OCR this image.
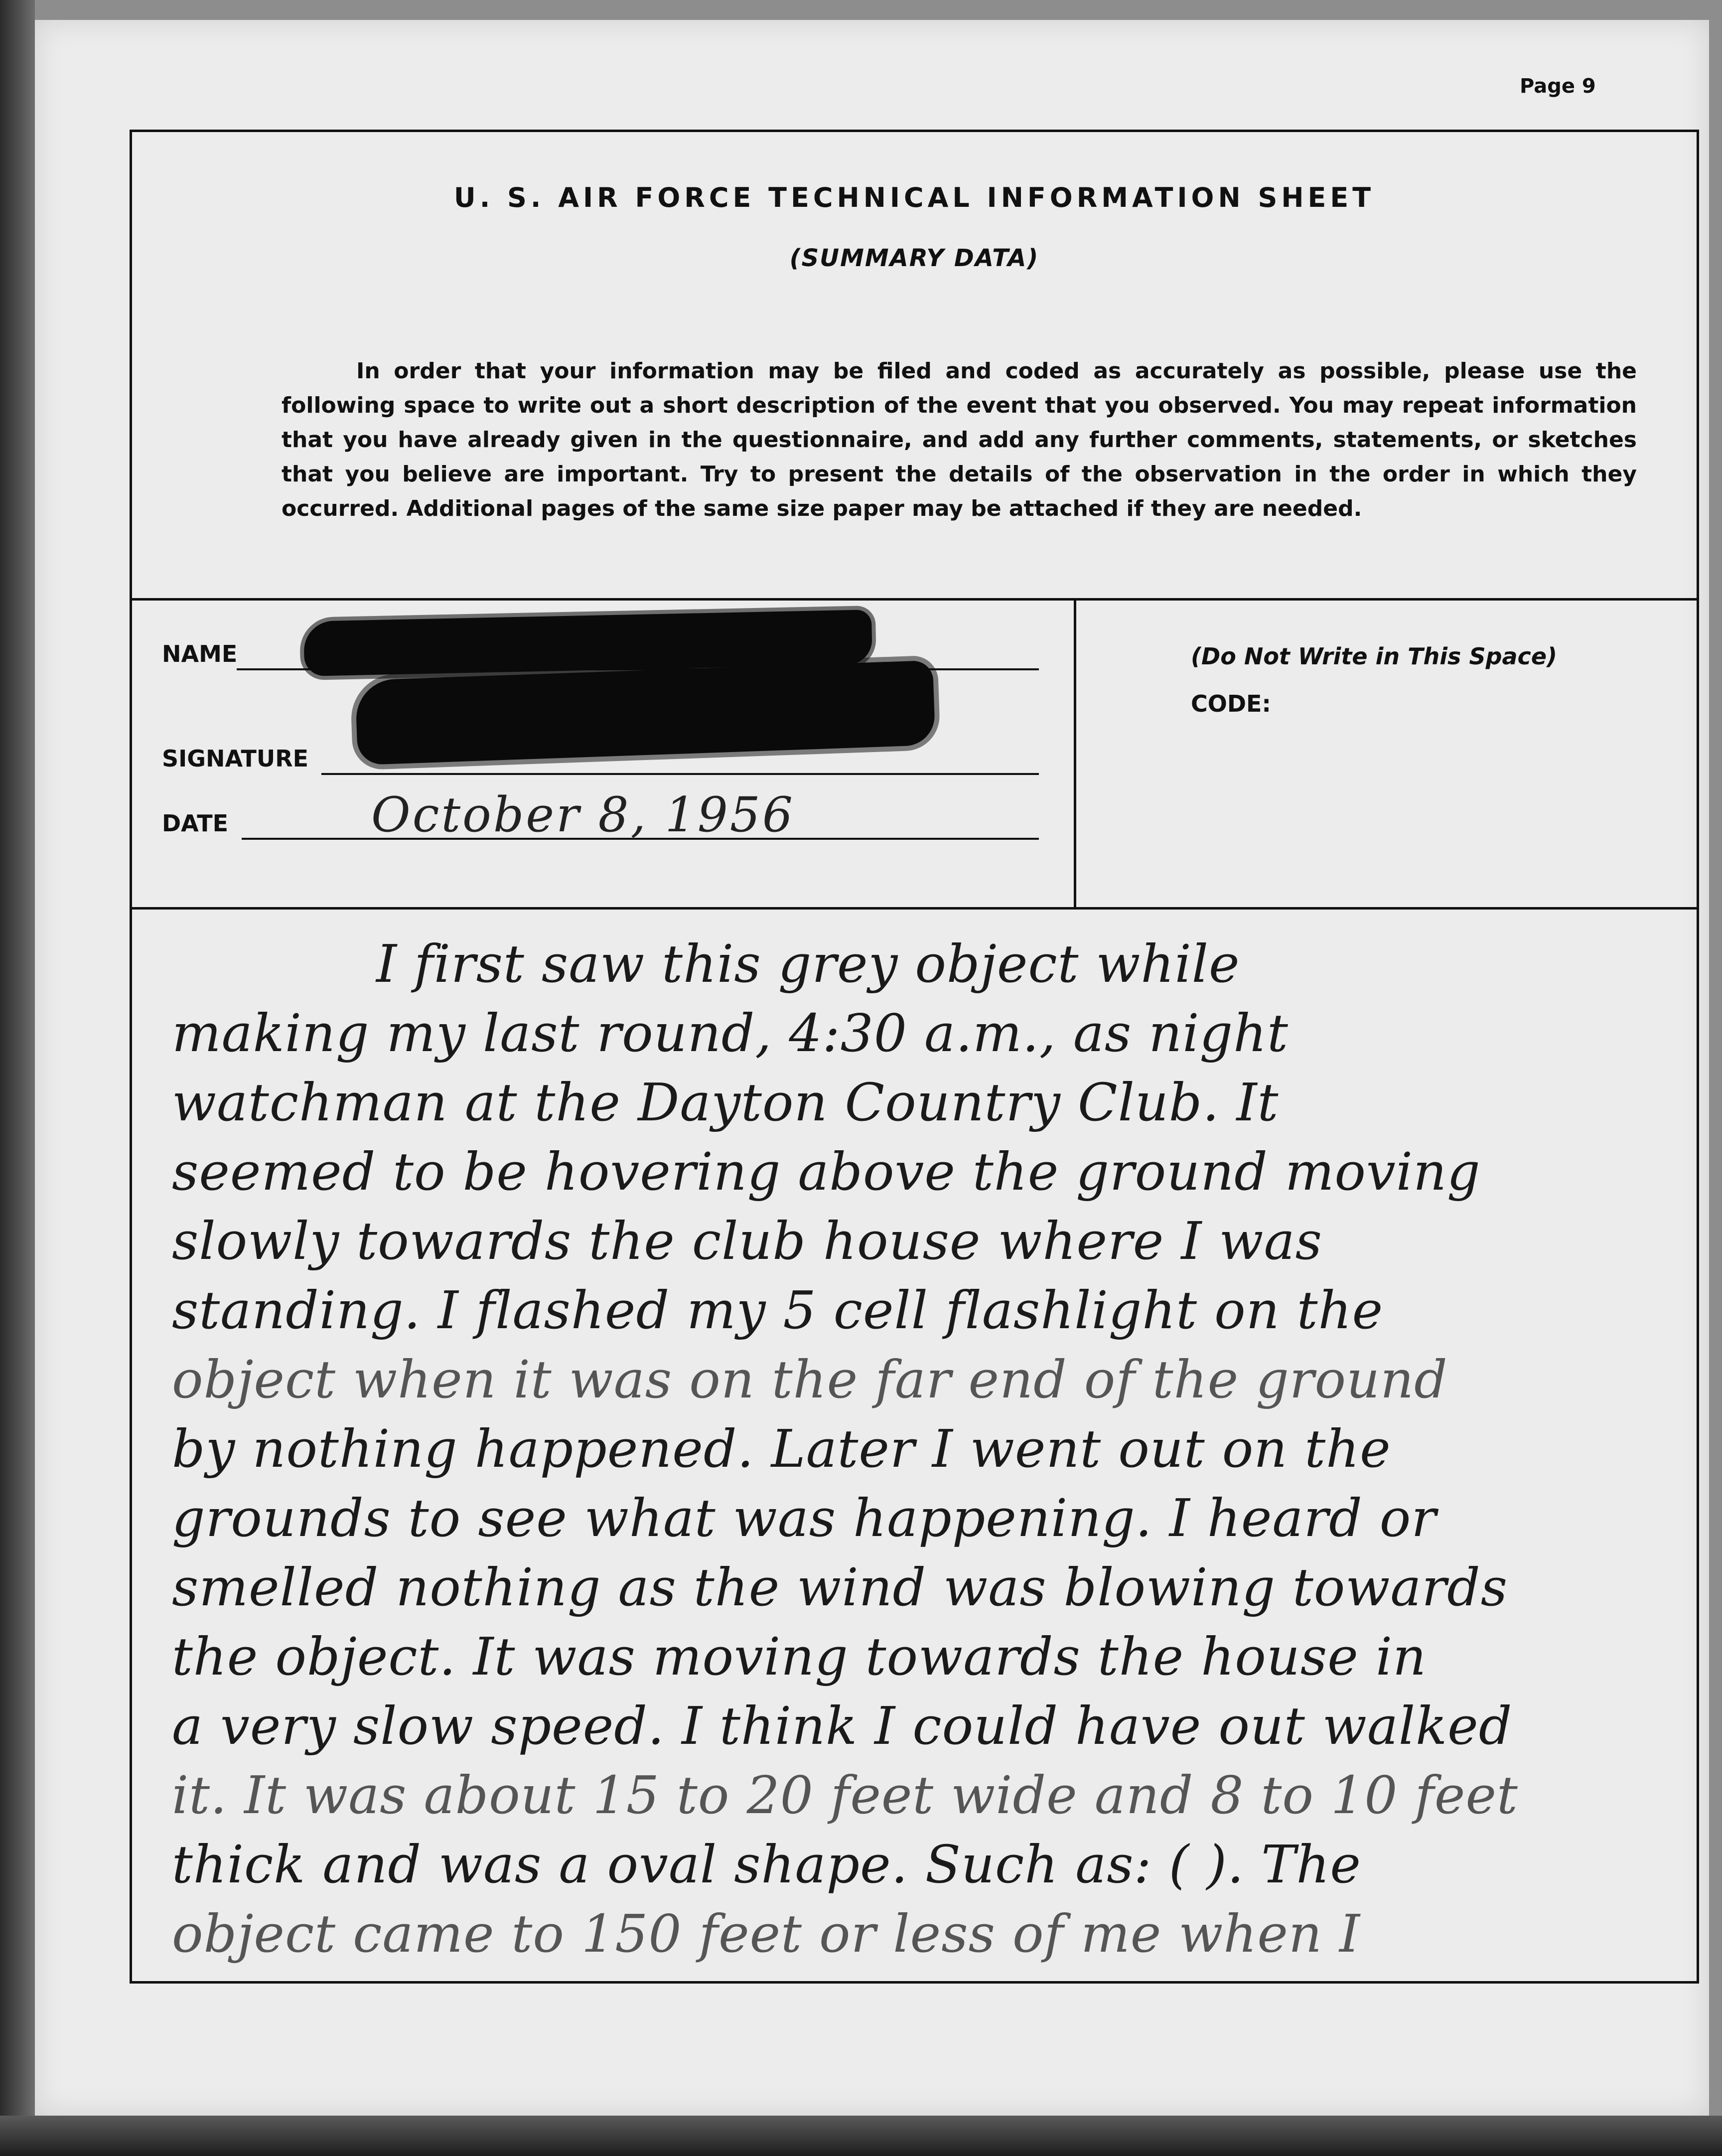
Page 9
U. S. AIR FORCE TECHNICAL INFORMATION SHEET
(SUMMARY DATA)
In order that your information may be filed and coded as accurately as possible, please use the following space to write out a short description of the event that you observed. You may repeat information that you have already given in the questionnaire, and add any further comments, statements, or sketches that you believe are important. Try to present the details of the observation in the order in which they occurred. Additional pages of the same size paper may be attached if they are needed.
NAME
SIGNATURE
DATE	October 8, 1956
(Do Not Write in This Space)
CODE:
I first saw this grey object while
making my last round, 4:30 a.m., as night
watchman at the Dayton Country Club. It
seemed to be hovering above the ground moving
slowly towards the club house where I was
standing. I flashed my 5 cell flashlight on the
object when it was on the far end of the ground
by nothing happened. Later I went out on the
grounds to see what was happening. I heard or
smelled nothing as the wind was blowing towards
the object. It was moving towards the house in
a very slow speed. I think I could have out walked
it. It was about 15 to 20 feet wide and 8 to 10 feet
thick and was a oval shape. Such as: ( ). The
object came to 150 feet or less of me when I
